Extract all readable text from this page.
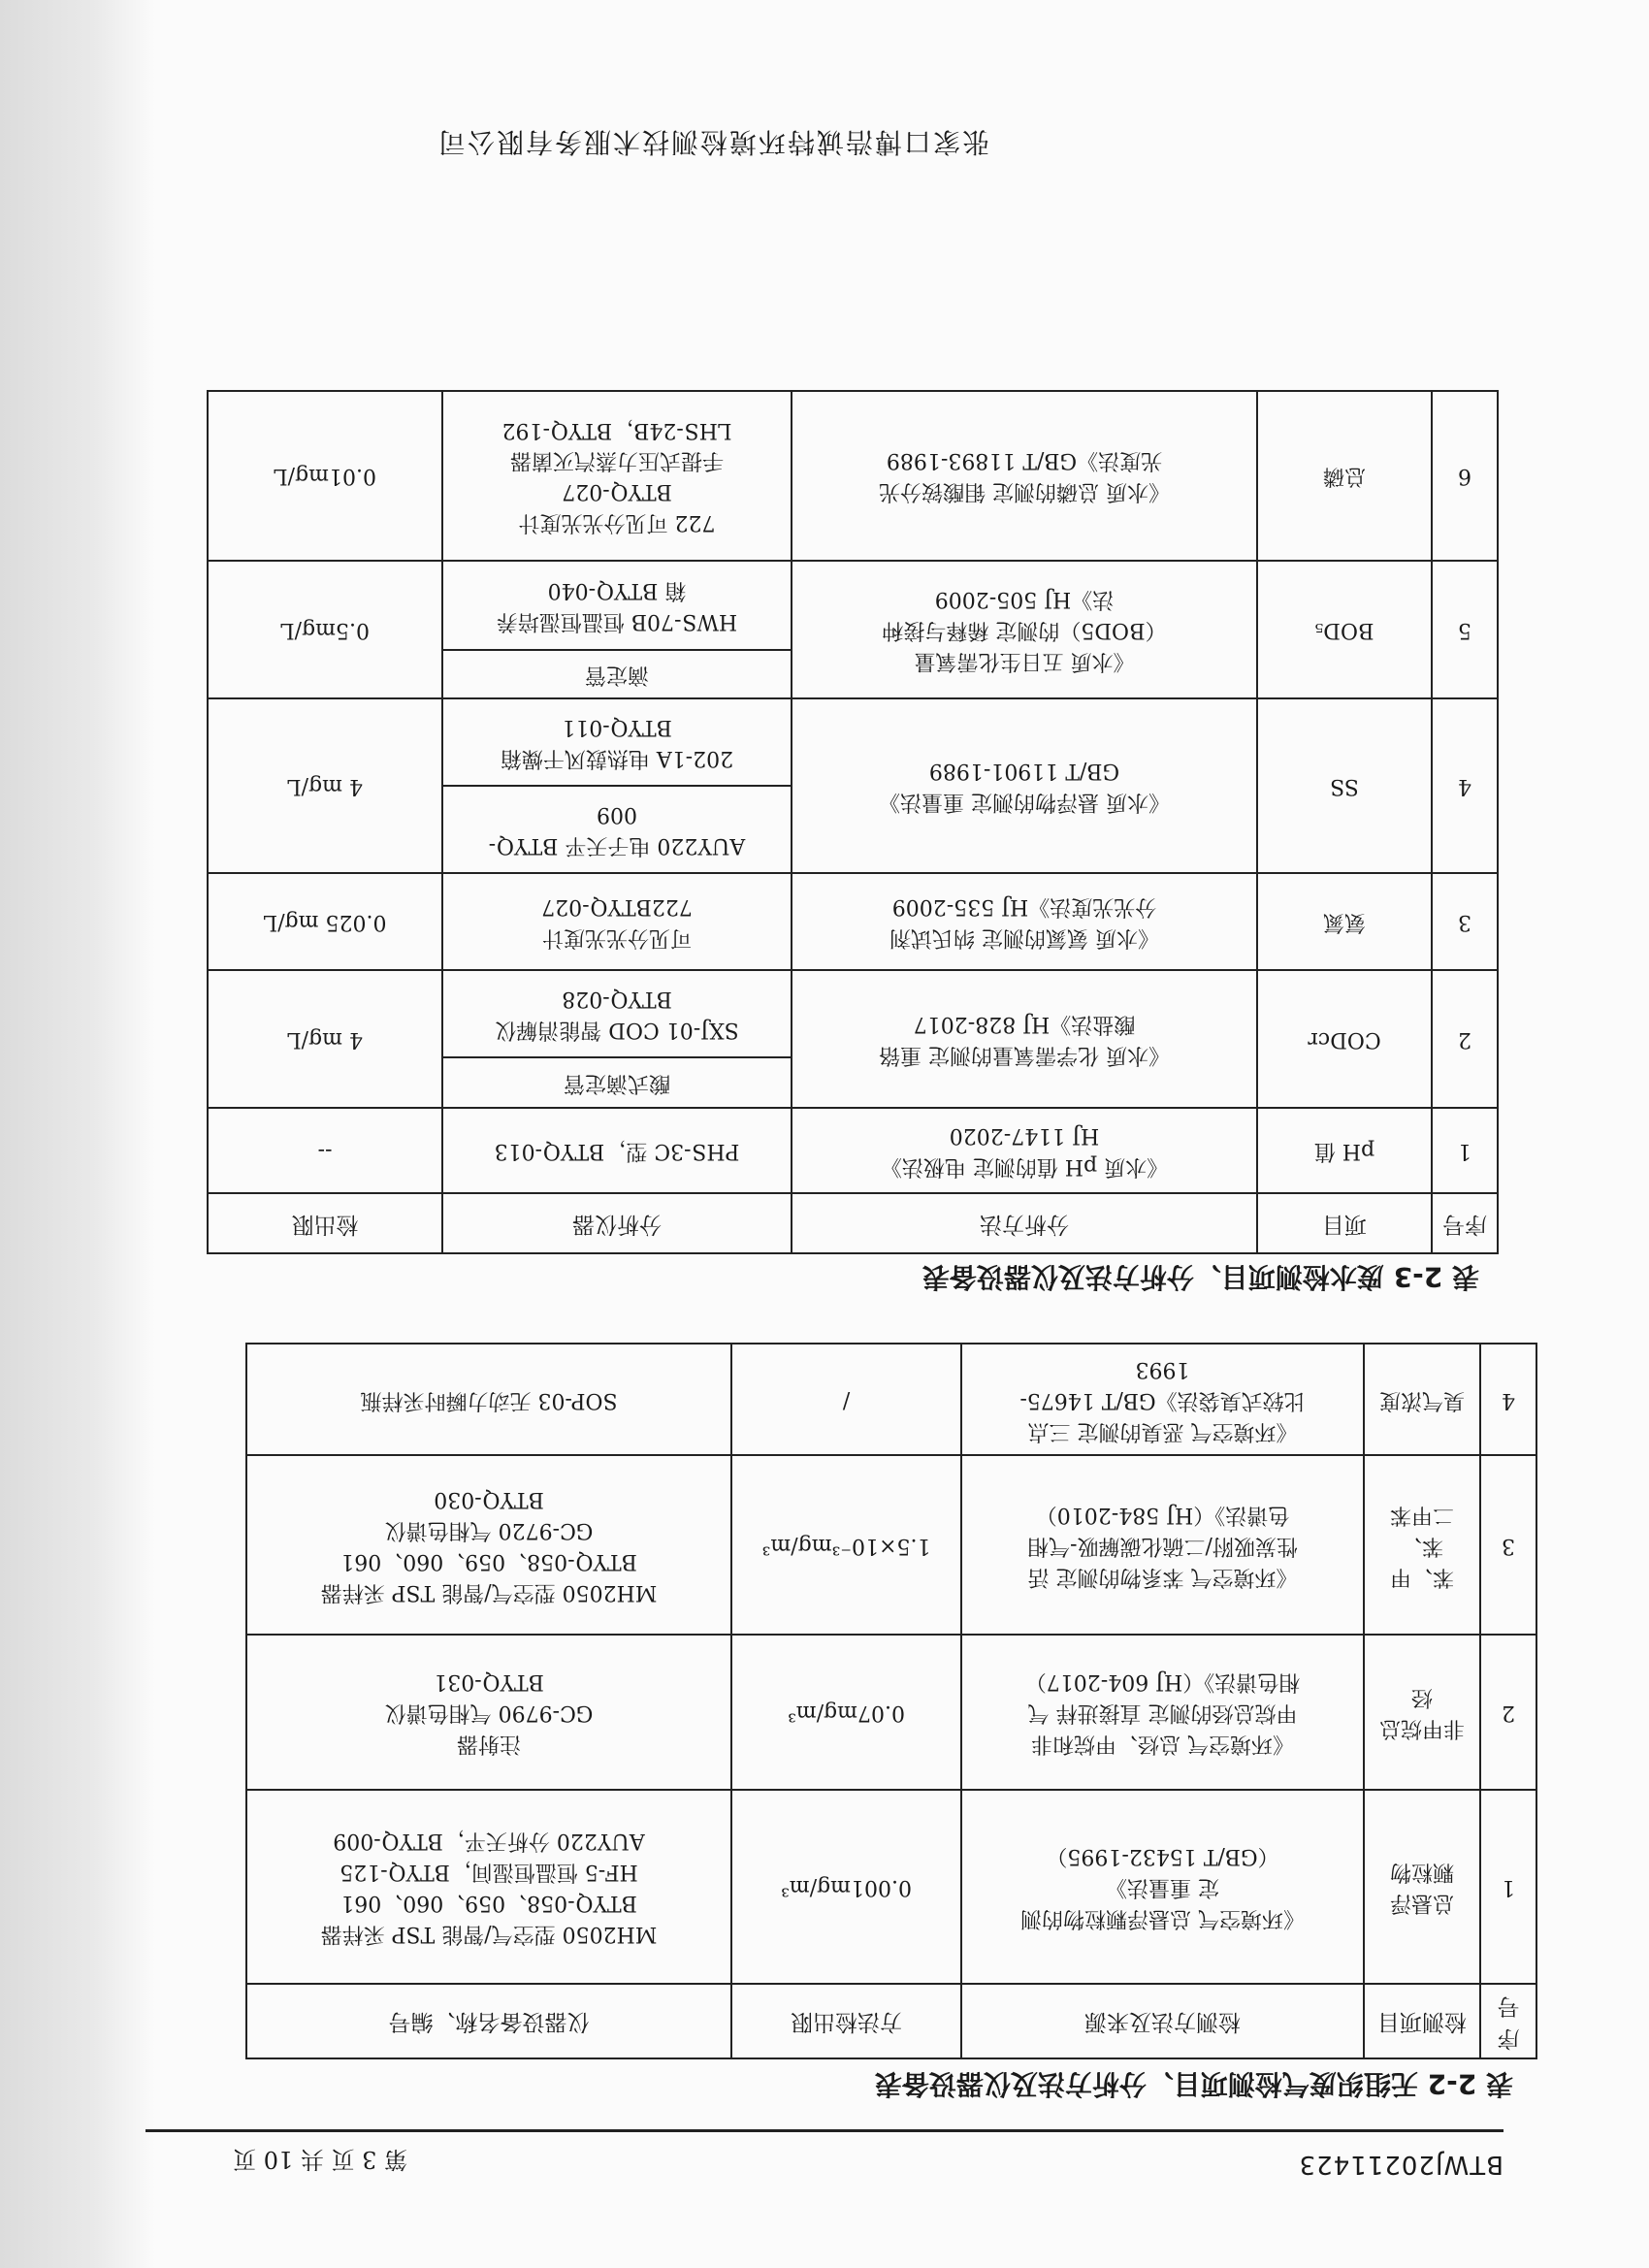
BTWJ20211423
第 3 页 共 10 页
表 2-2 无组织废气检测项目、分析方法及仪器设备表
序号	检测项目	检测方法及来源	方法检出限	仪器设备名称、编号
1	总悬浮
颗粒物	《环境空气 总悬浮颗粒物的测
定 重量法》
（GB/T 15432-1995）	0.001mg/m³	MH2050 型空气/智能 TSP 采样器
BTYQ-058、059、060、061
HF-5 恒温恒湿间，BTYQ-125
AUY220 分析天平，BTYQ-009
2	非甲烷总烃	《环境空气 总烃、甲烷和非
甲烷总烃的测定 直接进样 气
相色谱法》（HJ 604-2017）	0.07mg/m³	注射器
GC-9790 气相色谱仪
BTYQ-031
3	苯、甲苯、
二甲苯	《环境空气 苯系物的测定 活
性炭吸附/二硫化碳解吸-气相
色谱法》（HJ 584-2010）	1.5×10⁻³mg/m³	MH2050 型空气/智能 TSP 采样器
BTYQ-058、059、060、061
GC-9720 气相色谱仪
BTYQ-030
4	臭气浓度	《环境空气 恶臭的测定 三点
比较式臭袋法》GB/T 14675-
1993	/	SOP-03 无动力瞬时采样瓶
表 2-3 废水检测项目、分析方法及仪器设备表
序号	项目	分析方法	分析仪器	检出限
1	pH 值	《水质 pH 值的测定 电极法》
HJ 1147-2020	PHS-3C 型，BTYQ-013	--
2	CODcr	《水质 化学需氧量的测定 重铬
酸盐法》HJ 828-2017	酸式滴定管	4 mg/L
			SXJ-01 COD 智能消解仪
BTYQ-028	
3	氨氮	《水质 氨氮的测定 纳氏试剂
分光光度法》HJ 535-2009	可见分光光度计
722BTYQ-027	0.025 mg/L
4	SS	《水质 悬浮物的测定 重量法》
GB/T 11901-1989	AUY220 电子天平 BTYQ-
009	4 mg/L
			202-1A 电热鼓风干燥箱
BTYQ-011	
5	BOD₅	《水质 五日生化需氧量
（BOD5）的测定 稀释与接种
法》HJ 505-2009	滴定管	0.5mg/L
			HWS-70B 恒温恒湿培养
箱 BTYQ-040	
6	总磷	《水质 总磷的测定 钼酸铵分光
光度法》GB/T 11893-1989	722 可见分光光度计
BTYQ-027
手提式压力蒸汽灭菌器
LHS-24B，BTYQ-192	0.01mg/L
张家口博浩诚特环境检测技术服务有限公司
